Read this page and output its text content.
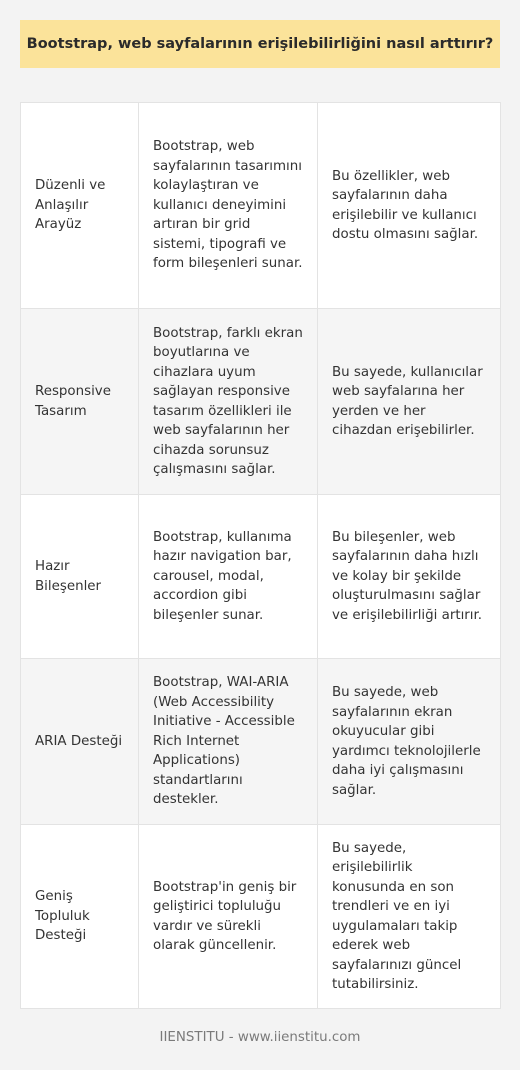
Bootstrap, web sayfalarının erişilebilirliğini nasıl arttırır?
Düzenli ve Anlaşılır Arayüz	Bootstrap, web sayfalarının tasarımını kolaylaştıran ve kullanıcı deneyimini artıran bir grid sistemi, tipografi ve form bileşenleri sunar.	Bu özellikler, web sayfalarının daha erişilebilir ve kullanıcı dostu olmasını sağlar.
Responsive Tasarım	Bootstrap, farklı ekran boyutlarına ve cihazlara uyum sağlayan responsive tasarım özellikleri ile web sayfalarının her cihazda sorunsuz çalışmasını sağlar.	Bu sayede, kullanıcılar web sayfalarına her yerden ve her cihazdan erişebilirler.
Hazır Bileşenler	Bootstrap, kullanıma hazır navigation bar, carousel, modal, accordion gibi bileşenler sunar.	Bu bileşenler, web sayfalarının daha hızlı ve kolay bir şekilde oluşturulmasını sağlar ve erişilebilirliği artırır.
ARIA Desteği	Bootstrap, WAI-ARIA (Web Accessibility Initiative - Accessible Rich Internet Applications) standartlarını destekler.	Bu sayede, web sayfalarının ekran okuyucular gibi yardımcı teknolojilerle daha iyi çalışmasını sağlar.
Geniş Topluluk Desteği	Bootstrap'in geniş bir geliştirici topluluğu vardır ve sürekli olarak güncellenir.	Bu sayede, erişilebilirlik konusunda en son trendleri ve en iyi uygulamaları takip ederek web sayfalarınızı güncel tutabilirsiniz.
IIENSTITU - www.iienstitu.com
